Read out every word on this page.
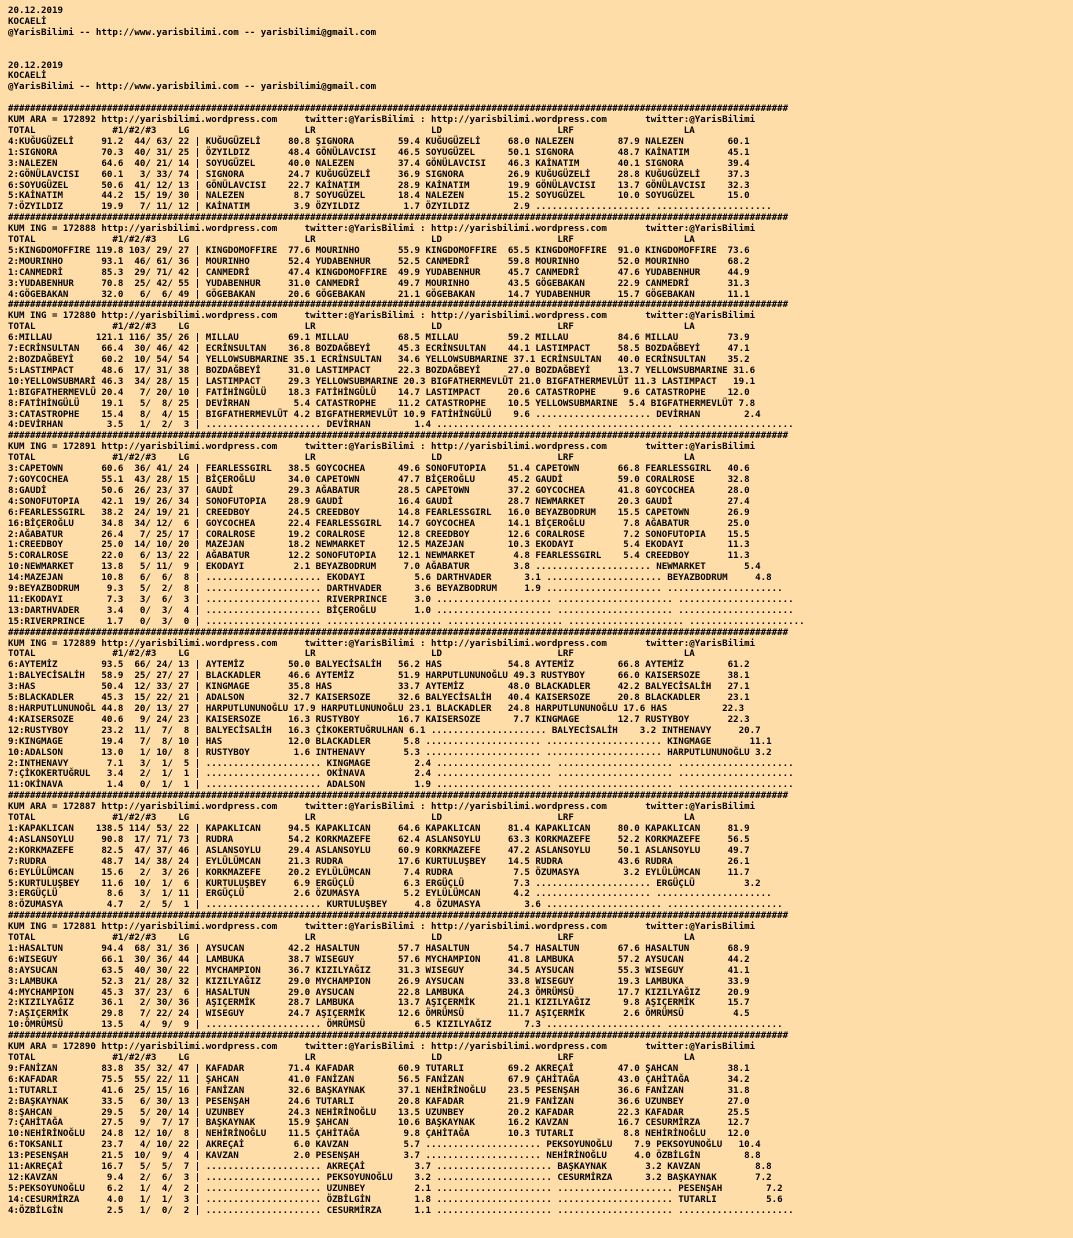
20.12.2019
KOCAELİ
@YarisBilimi -- http://www.yarisbilimi.com -- yarisbilimi@gmail.com

20.12.2019
KOCAELİ
@YarisBilimi -- http://www.yarisbilimi.com -- yarisbilimi@gmail.com

##############################################################################################################################################
KUM ARA = 172892 http://yarisbilimi.wordpress.com     twitter:@YarisBilimi : http://yarisbilimi.wordpress.com       twitter:@YarisBilimi
TOTAL              #1/#2/#3    LG                     LR                     LD                     LRF                    LA
4:KUĞUGÜZELİ     91.2  44/ 63/ 22 | KUĞUGÜZELİ     80.8 ŞIGNORA        59.4 KUĞUGÜZELİ     68.0 NALEZEN        87.9 NALEZEN        60.1
1:SIGNORA        70.3  40/ 31/ 25 | ÖZYILDIZ       48.4 GÖNÜLAVCISI    46.5 SOYUGÜZEL      50.1 SIGNORA        48.7 KAİNATIM       45.1
3:NALEZEN        64.6  40/ 21/ 14 | SOYUGÜZEL      40.0 NALEZEN        37.4 GÖNÜLAVCISI    46.3 KAİNATIM       40.1 SIGNORA        39.4
2:GÖNÜLAVCISI    60.1   3/ 33/ 74 | SIGNORA        24.7 KUĞUGÜZELİ     36.9 SIGNORA        26.9 KUĞUGÜZELİ     28.8 KUĞUGÜZELİ     37.3
6:SOYUGÜZEL      50.6  41/ 12/ 13 | GÖNÜLAVCISI    22.7 KAİNATIM       28.9 KAİNATIM       19.9 GÖNÜLAVCISI    13.7 GÖNÜLAVCISI    32.3
5:KAİNATIM       44.2  15/ 19/ 30 | NALEZEN         8.7 SOYUGÜZEL      18.4 NALEZEN        15.2 SOYUGÜZEL      10.0 SOYUGÜZEL      15.0
7:ÖZYILDIZ       19.9   7/ 11/ 12 | KAİNATIM        3.9 ÖZYILDIZ        1.7 ÖZYILDIZ        2.9 ..................... .....................
##############################################################################################################################################
KUM ING = 172888 http://yarisbilimi.wordpress.com     twitter:@YarisBilimi : http://yarisbilimi.wordpress.com       twitter:@YarisBilimi
TOTAL              #1/#2/#3    LG                     LR                     LD                     LRF                    LA
5:KINGDOMOFFIRE 119.8 103/ 29/ 27 | KINGDOMOFFIRE  77.6 MOURINHO       55.9 KINGDOMOFFIRE  65.5 KINGDOMOFFIRE  91.0 KINGDOMOFFIRE  73.6
2:MOURINHO       93.1  46/ 61/ 36 | MOURINHO       52.4 YUDABENHUR     52.5 CANMEDRİ       59.8 MOURINHO       52.0 MOURINHO       68.2
1:CANMEDRİ       85.3  29/ 71/ 42 | CANMEDRİ       47.4 KINGDOMOFFIRE  49.9 YUDABENHUR     45.7 CANMEDRİ       47.6 YUDABENHUR     44.9
3:YUDABENHUR     70.8  25/ 42/ 55 | YUDABENHUR     31.0 CANMEDRİ       49.7 MOURINHO       43.5 GÖGEBAKAN      22.9 CANMEDRİ       31.3
4:GÖGEBAKAN      32.0   6/  6/ 49 | GÖGEBAKAN      20.6 GÖGEBAKAN      21.1 GÖGEBAKAN      14.7 YUDABENHUR     15.7 GÖGEBAKAN      11.1
##############################################################################################################################################
KUM ING = 172880 http://yarisbilimi.wordpress.com     twitter:@YarisBilimi : http://yarisbilimi.wordpress.com       twitter:@YarisBilimi
TOTAL              #1/#2/#3    LG                     LR                     LD                     LRF                    LA
6:MILLAU        121.1 116/ 35/ 26 | MILLAU         69.1 MILLAU         68.5 MILLAU         59.2 MILLAU         84.6 MILLAU         73.9
7:ECRİNSULTAN    66.4  30/ 46/ 42 | ECRİNSULTAN    36.8 BOZDAĞBEYİ     45.3 ECRİNSULTAN    44.1 LASTIMPACT     58.5 BOZDAĞBEYİ     47.1
2:BOZDAĞBEYİ     60.2  10/ 54/ 54 | YELLOWSUBMARINE 35.1 ECRİNSULTAN   34.6 YELLOWSUBMARINE 37.1 ECRİNSULTAN   40.0 ECRİNSULTAN    35.2
5:LASTIMPACT     48.6  17/ 31/ 38 | BOZDAĞBEYİ     31.0 LASTIMPACT     22.3 BOZDAĞBEYİ     27.0 BOZDAĞBEYİ     13.7 YELLOWSUBMARINE 31.6
10:YELLOWSUBMARİ 46.3  34/ 28/ 15 | LASTIMPACT     29.3 YELLOWSUBMARINE 20.3 BIGFATHERMEVLÜT 21.0 BIGFATHERMEVLÜT 11.3 LASTIMPACT   19.1
1:BIGFATHERMEVLÜ 20.4   7/ 20/ 10 | FATİHİNGÜLÜ    18.3 FATİHİNGÜLÜ    14.7 LASTIMPACT     20.6 CATASTROPHE     9.6 CATASTROPHE    12.0
8:FATİHİNGÜLÜ    19.1   5/  8/ 25 | DEVİRHAN        5.4 CATASTROPHE    11.2 CATASTROPHE    10.5 YELLOWSUBMARINE  5.4 BIGFATHERMEVLÜT 7.8
3:CATASTROPHE    15.4   8/  4/ 15 | BIGFATHERMEVLÜT 4.2 BIGFATHERMEVLÜT 10.9 FATİHİNGÜLÜ    9.6 ..................... DEVİRHAN        2.4
4:DEVİRHAN        3.5   1/  2/  3 | ..................... DEVİRHAN        1.4 ..................... ..................... .....................
##############################################################################################################################################
KUM ING = 172891 http://yarisbilimi.wordpress.com     twitter:@YarisBilimi : http://yarisbilimi.wordpress.com       twitter:@YarisBilimi
TOTAL              #1/#2/#3    LG                     LR                     LD                     LRF                    LA
3:CAPETOWN       60.6  36/ 41/ 24 | FEARLESSGIRL   38.5 GOYCOCHEA      49.6 SONOFUTOPIA    51.4 CAPETOWN       66.8 FEARLESSGIRL   40.6
7:GOYCOCHEA      55.1  43/ 28/ 15 | BİÇEROĞLU      34.0 CAPETOWN       47.7 BİÇEROĞLU      45.2 GAUDİ          59.0 CORALROSE      32.8
8:GAUDİ          50.6  26/ 23/ 37 | GAUDİ          29.3 AĞABATUR       28.5 CAPETOWN       37.2 GOYCOCHEA      41.8 GOYCOCHEA      28.0
4:SONOFUTOPIA    42.1  19/ 26/ 34 | SONOFUTOPIA    28.9 GAUDİ          16.4 GAUDİ          28.7 NEWMARKET      20.3 GAUDİ          27.4
6:FEARLESSGIRL   38.2  24/ 19/ 21 | CREEDBOY       24.5 CREEDBOY       14.8 FEARLESSGIRL   16.0 BEYAZBODRUM    15.5 CAPETOWN       26.9
16:BİÇEROĞLU     34.8  34/ 12/  6 | GOYCOCHEA      22.4 FEARLESSGIRL   14.7 GOYCOCHEA      14.1 BİÇEROĞLU       7.8 AĞABATUR       25.0
2:AĞABATUR       26.4   7/ 25/ 17 | CORALROSE      19.2 CORALROSE      12.8 CREEDBOY       12.6 CORALROSE       7.2 SONOFUTOPIA    15.5
1:CREEDBOY       25.0  14/ 10/ 20 | MAZEJAN        18.2 NEWMARKET      12.5 MAZEJAN        10.3 EKODAYI         5.4 EKODAYI        11.3
5:CORALROSE      22.0   6/ 13/ 22 | AĞABATUR       12.2 SONOFUTOPIA    12.1 NEWMARKET       4.8 FEARLESSGIRL    5.4 CREEDBOY       11.3
10:NEWMARKET     13.8   5/ 11/  9 | EKODAYI         2.1 BEYAZBODRUM     7.0 AĞABATUR        3.8 ..................... NEWMARKET       5.4
14:MAZEJAN       10.8   6/  6/  8 | ..................... EKODAYI         5.6 DARTHVADER      3.1 ..................... BEYAZBODRUM     4.8
9:BEYAZBODRUM     9.3   5/  2/  8 | ..................... DARTHVADER      3.6 BEYAZBODRUM     1.9 ..................... .....................
11:EKODAYI        7.3   3/  6/  3 | ..................... RIVERPRINCE     3.0 ..................... ..................... .....................
13:DARTHVADER     3.4   0/  3/  4 | ..................... BİÇEROĞLU       1.0 ..................... ..................... .....................
15:RIVERPRINCE    1.7   0/  3/  0 | ..................... ..................... ..................... ..................... .....................
##############################################################################################################################################
KUM ING = 172889 http://yarisbilimi.wordpress.com     twitter:@YarisBilimi : http://yarisbilimi.wordpress.com       twitter:@YarisBilimi
TOTAL              #1/#2/#3    LG                     LR                     LD                     LRF                    LA
6:AYTEMİZ        93.5  66/ 24/ 13 | AYTEMİZ        50.0 BALYECİSALİH   56.2 HAS            54.8 AYTEMİZ        66.8 AYTEMİZ        61.2
1:BALYECİSALİH   58.9  25/ 27/ 27 | BLACKADLER     46.6 AYTEMİZ        51.9 HARPUTLUNUNOĞLU 49.3 RUSTYBOY      66.0 KAISERSOZE     38.1
3:HAS            50.4  12/ 33/ 27 | KINGMAGE       35.8 HAS            33.7 AYTEMİZ        48.0 BLACKADLER     42.2 BALYECİSALİH   27.1
5:BLACKADLER     45.3  15/ 22/ 21 | ADALSON        32.7 KAISERSOZE     32.6 BALYECİSALİH   40.4 KAISERSOZE     20.8 BLACKADLER     23.1
8:HARPUTLUNUNOĞL 44.8  20/ 13/ 27 | HARPUTLUNUNOĞLU 17.9 HARPUTLUNUNOĞLU 23.1 BLACKADLER   24.8 HARPUTLUNUNOĞLU 17.6 HAS          22.3
4:KAISERSOZE     40.6   9/ 24/ 23 | KAISERSOZE     16.3 RUSTYBOY       16.7 KAISERSOZE      7.7 KINGMAGE       12.7 RUSTYBOY       22.3
12:RUSTYBOY      23.2  11/  7/  8 | BALYECİSALİH   16.3 ÇİKOKERTUĞRULHAN 6.1 ..................... BALYECİSALİH    3.2 INTHENAVY     20.7
9:KINGMAGE       19.4   7/  8/ 10 | HAS            12.0 BLACKADLER      5.8 ..................... ..................... KINGMAGE       11.1
10:ADALSON       13.0   1/ 10/  8 | RUSTYBOY        1.6 INTHENAVY       5.3 ..................... ..................... HARPUTLUNUNOĞLU 3.2
2:INTHENAVY       7.1   3/  1/  5 | ..................... KINGMAGE        2.4 ..................... ..................... .....................
7:ÇİKOKERTUĞRUL   3.4   2/  1/  1 | ..................... OKİNAVA         2.4 ..................... ..................... .....................
11:OKİNAVA        1.4   0/  1/  1 | ..................... ADALSON         1.9 ..................... ..................... .....................
##############################################################################################################################################
KUM ARA = 172887 http://yarisbilimi.wordpress.com     twitter:@YarisBilimi : http://yarisbilimi.wordpress.com       twitter:@YarisBilimi
TOTAL              #1/#2/#3    LG                     LR                     LD                     LRF                    LA
1:KAPAKLICAN    138.5 114/ 53/ 22 | KAPAKLICAN     94.5 KAPAKLICAN     64.6 KAPAKLICAN     81.4 KAPAKLICAN     80.0 KAPAKLICAN     81.9
4:ASLANSOYLU     90.8  17/ 71/ 73 | RUDRA          54.2 KORKMAZEFE     62.4 ASLANSOYLU     63.3 KORKMAZEFE     52.2 KORKMAZEFE     56.5
2:KORKMAZEFE     82.5  47/ 37/ 46 | ASLANSOYLU     29.4 ASLANSOYLU     60.9 KORKMAZEFE     47.2 ASLANSOYLU     50.1 ASLANSOYLU     49.7
7:RUDRA          48.7  14/ 38/ 24 | EYLÜLÜMCAN     21.3 RUDRA          17.6 KURTULUŞBEY    14.5 RUDRA          43.6 RUDRA          26.1
6:EYLÜLÜMCAN     15.6   2/  3/ 26 | KORKMAZEFE     20.2 EYLÜLÜMCAN      7.4 RUDRA           7.5 ÖZUMASYA        3.2 EYLÜLÜMCAN     11.7
5:KURTULUŞBEY    11.6  10/  1/  6 | KURTULUŞBEY     6.9 ERGÜÇLÜ         6.3 ERGÜÇLÜ         7.3 ..................... ERGÜÇLÜ         3.2
3:ERGÜÇLÜ         8.6   3/  1/ 11 | ERGÜÇLÜ         2.6 ÖZUMASYA        5.2 EYLÜLÜMCAN      4.2 ..................... .....................
8:ÖZUMASYA        4.7   2/  5/  1 | ..................... KURTULUŞBEY     4.8 ÖZUMASYA        3.6 ..................... .....................
##############################################################################################################################################
KUM ING = 172881 http://yarisbilimi.wordpress.com     twitter:@YarisBilimi : http://yarisbilimi.wordpress.com       twitter:@YarisBilimi
TOTAL              #1/#2/#3    LG                     LR                     LD                     LRF                    LA
1:HASALTUN       94.4  68/ 31/ 36 | AYSUCAN        42.2 HASALTUN       57.7 HASALTUN       54.7 HASALTUN       67.6 HASALTUN       68.9
6:WISEGUY        66.1  30/ 36/ 44 | LAMBUKA        38.7 WISEGUY        57.6 MYCHAMPION     41.8 LAMBUKA        57.2 AYSUCAN        44.2
8:AYSUCAN        63.5  40/ 30/ 22 | MYCHAMPION     36.7 KIZILYAĞIZ     31.3 WISEGUY        34.5 AYSUCAN        55.3 WISEGUY        41.1
3:LAMBUKA        52.3  21/ 28/ 32 | KIZILYAĞIZ     29.0 MYCHAMPION     26.9 AYSUCAN        33.8 WISEGUY        19.3 LAMBUKA        33.9
4:MYCHAMPION     45.3  37/ 23/  6 | HASALTUN       29.0 AYSUCAN        22.8 LAMBUKA        24.3 ÖMRÜMSÜ        17.7 KIZILYAĞIZ     20.9
2:KIZILYAĞIZ     36.1   2/ 30/ 36 | AŞIÇERMİK      28.7 LAMBUKA        13.7 AŞIÇERMİK      21.1 KIZILYAĞIZ      9.8 AŞIÇERMİK      15.7
7:AŞIÇERMİK      29.8   7/ 22/ 24 | WISEGUY        24.7 AŞIÇERMİK      12.6 ÖMRÜMSÜ        11.7 AŞIÇERMİK       2.6 ÖMRÜMSÜ         4.5
10:ÖMRÜMSÜ       13.5   4/  9/  9 | ..................... ÖMRÜMSÜ         6.5 KIZILYAĞIZ      7.3 ..................... .....................
##############################################################################################################################################
KUM ARA = 172890 http://yarisbilimi.wordpress.com     twitter:@YarisBilimi : http://yarisbilimi.wordpress.com       twitter:@YarisBilimi
TOTAL              #1/#2/#3    LG                     LR                     LD                     LRF                    LA
9:FANİZAN        83.8  35/ 32/ 47 | KAFADAR        71.4 KAFADAR        60.9 TUTARLI        69.2 AKREÇAİ        47.0 ŞAHCAN         38.1
6:KAFADAR        75.5  55/ 22/ 11 | ŞAHCAN         41.0 FANİZAN        56.5 FANİZAN        67.9 ÇAHİTAĞA       43.0 ÇAHİTAĞA       34.2
1:TUTARLI        41.6  25/ 15/ 16 | FANİZAN        32.6 BAŞKAYNAK      37.1 NEHİRİNOĞLU    23.5 PESENŞAH       36.6 FANİZAN        31.8
2:BAŞKAYNAK      33.5   6/ 30/ 13 | PESENŞAH       24.6 TUTARLI        20.8 KAFADAR        21.9 FANİZAN        36.6 UZUNBEY        27.0
8:ŞAHCAN         29.5   5/ 20/ 14 | UZUNBEY        24.3 NEHİRİNOĞLU    13.5 UZUNBEY        20.2 KAFADAR        22.3 KAFADAR        25.5
7:ÇAHİTAĞA       27.5   9/  7/ 17 | BAŞKAYNAK      15.9 ŞAHCAN         10.6 BAŞKAYNAK      16.2 KAVZAN         16.7 CESURMİRZA     12.7
10:NEHİRİNOĞLU   24.8  12/ 10/  8 | NEHİRİNOĞLU    11.5 ÇAHİTAĞA        9.8 ÇAHİTAĞA       10.3 TUTARLI         8.8 NEHİRİNOĞLU    12.0
6:TOKSANLI       23.7   4/ 10/ 22 | AKREÇAİ         6.0 KAVZAN          5.7 ..................... PEKSOYUNOĞLU    7.9 PEKSOYUNOĞLU   10.4
13:PESENŞAH      21.5  10/  9/  4 | KAVZAN          2.0 PESENŞAH        3.7 ..................... NEHİRİNOĞLU     4.0 ÖZBİLGİN        8.8
11:AKREÇAİ       16.7   5/  5/  7 | ..................... AKREÇAİ         3.7 ..................... BAŞKAYNAK       3.2 KAVZAN          8.8
12:KAVZAN         9.4   2/  6/  3 | ..................... PEKSOYUNOĞLU    3.2 ..................... CESURMİRZA      3.2 BAŞKAYNAK       7.2
5:PEKSOYUNOĞLU    6.2   1/  4/  2 | ..................... UZUNBEY         2.1 ..................... ..................... PESENŞAH        7.2
14:CESURMİRZA     4.0   1/  1/  3 | ..................... ÖZBİLGİN        1.8 ..................... ..................... TUTARLI         5.6
4:ÖZBİLGİN        2.5   1/  0/  2 | ..................... CESURMİRZA      1.1 ..................... ..................... .....................
